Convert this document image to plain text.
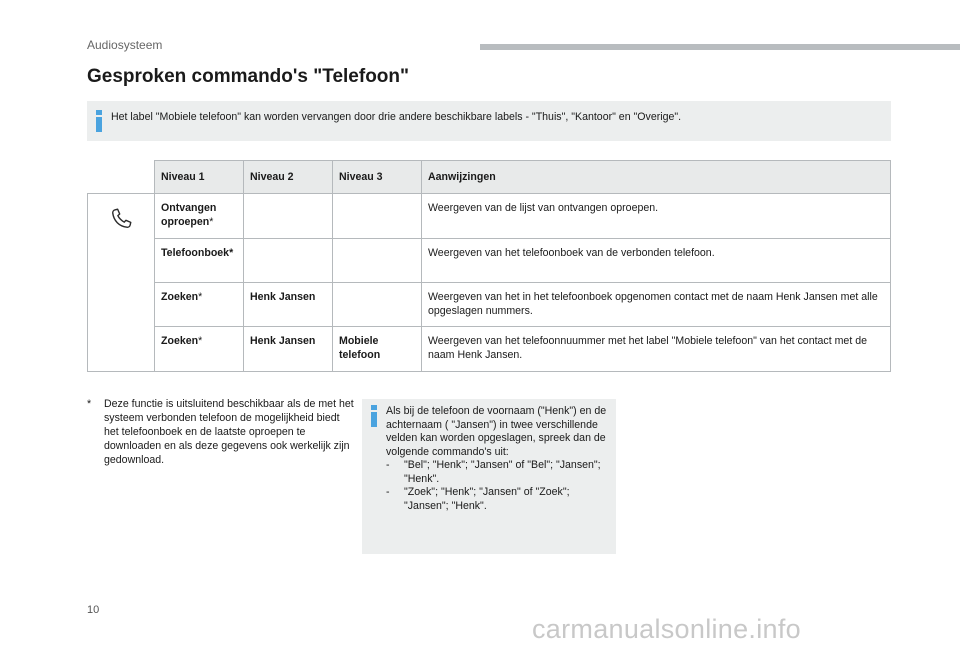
Audiosysteem
Gesproken commando's "Telefoon"
Het label "Mobiele telefoon" kan worden vervangen door drie andere beschikbare labels - "Thuis", "Kantoor" en "Overige".
	Niveau 1	Niveau 2	Niveau 3	Aanwijzingen
	Ontvangen oproepen*			Weergeven van de lijst van ontvangen oproepen.
	Telefoonboek*			Weergeven van het telefoonboek van de verbonden telefoon.
	Zoeken*	Henk Jansen		Weergeven van het in het telefoonboek opgenomen contact met de naam Henk Jansen met alle opgeslagen nummers.
	Zoeken*	Henk Jansen	Mobiele telefoon	Weergeven van het telefoonnuummer met het label "Mobiele telefoon" van het contact met de naam Henk Jansen.
* Deze functie is uitsluitend beschikbaar als de met het systeem verbonden telefoon de mogelijkheid biedt het telefoonboek en de laatste oproepen te downloaden en als deze gegevens ook werkelijk zijn gedownload.
Als bij de telefoon de voornaam ("Henk") en de achternaam ( "Jansen") in twee verschillende velden kan worden opgeslagen, spreek dan de volgende commando's uit:
- "Bel"; "Henk"; "Jansen" of "Bel"; "Jansen"; "Henk".
- "Zoek"; "Henk"; "Jansen" of "Zoek"; "Jansen"; "Henk".
10
carmanualsonline.info
